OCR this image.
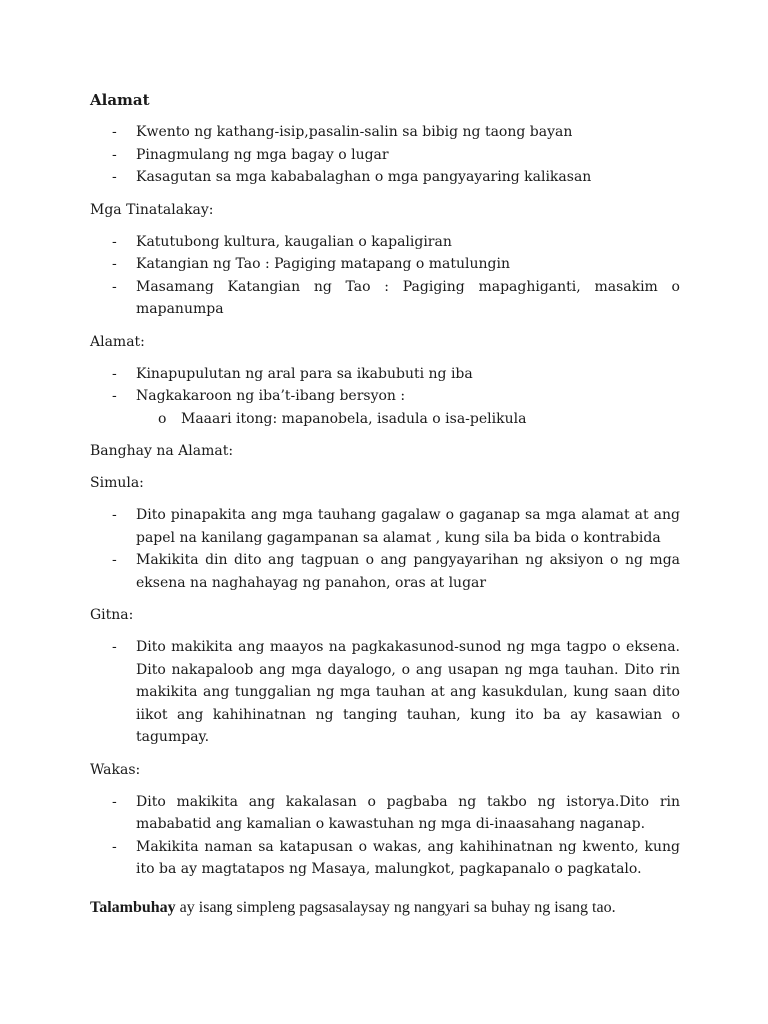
Alamat
- Kwento ng kathang-isip,pasalin-salin sa bibig ng taong bayan
- Pinagmulang ng mga bagay o lugar
- Kasagutan sa mga kababalaghan o mga pangyayaring kalikasan
Mga Tinatalakay:
- Katutubong kultura, kaugalian o kapaligiran
- Katangian ng Tao : Pagiging matapang o matulungin
- Masamang Katangian ng Tao : Pagiging mapaghiganti, masakim o mapanumpa
Alamat:
- Kinapupulutan ng aral para sa ikabubuti ng iba
- Nagkakaroon ng iba’t-ibang bersyon :
o Maaari itong: mapanobela, isadula o isa-pelikula
Banghay na Alamat:
Simula:
- Dito pinapakita ang mga tauhang gagalaw o gaganap sa mga alamat at ang papel na kanilang gagampanan sa alamat , kung sila ba bida o kontrabida
- Makikita din dito ang tagpuan o ang pangyayarihan ng aksiyon o ng mga eksena na naghahayag ng panahon, oras at lugar
Gitna:
- Dito makikita ang maayos na pagkakasunod-sunod ng mga tagpo o eksena. Dito nakapaloob ang mga dayalogo, o ang usapan ng mga tauhan. Dito rin makikita ang tunggalian ng mga tauhan at ang kasukdulan, kung saan dito iikot ang kahihinatnan ng tanging tauhan, kung ito ba ay kasawian o tagumpay.
Wakas:
- Dito makikita ang kakalasan o pagbaba ng takbo ng istorya.Dito rin mababatid ang kamalian o kawastuhan ng mga di-inaasahang naganap.
- Makikita naman sa katapusan o wakas, ang kahihinatnan ng kwento, kung ito ba ay magtatapos ng Masaya, malungkot, pagkapanalo o pagkatalo.
Talambuhay ay isang simpleng pagsasalaysay ng nangyari sa buhay ng isang tao.
